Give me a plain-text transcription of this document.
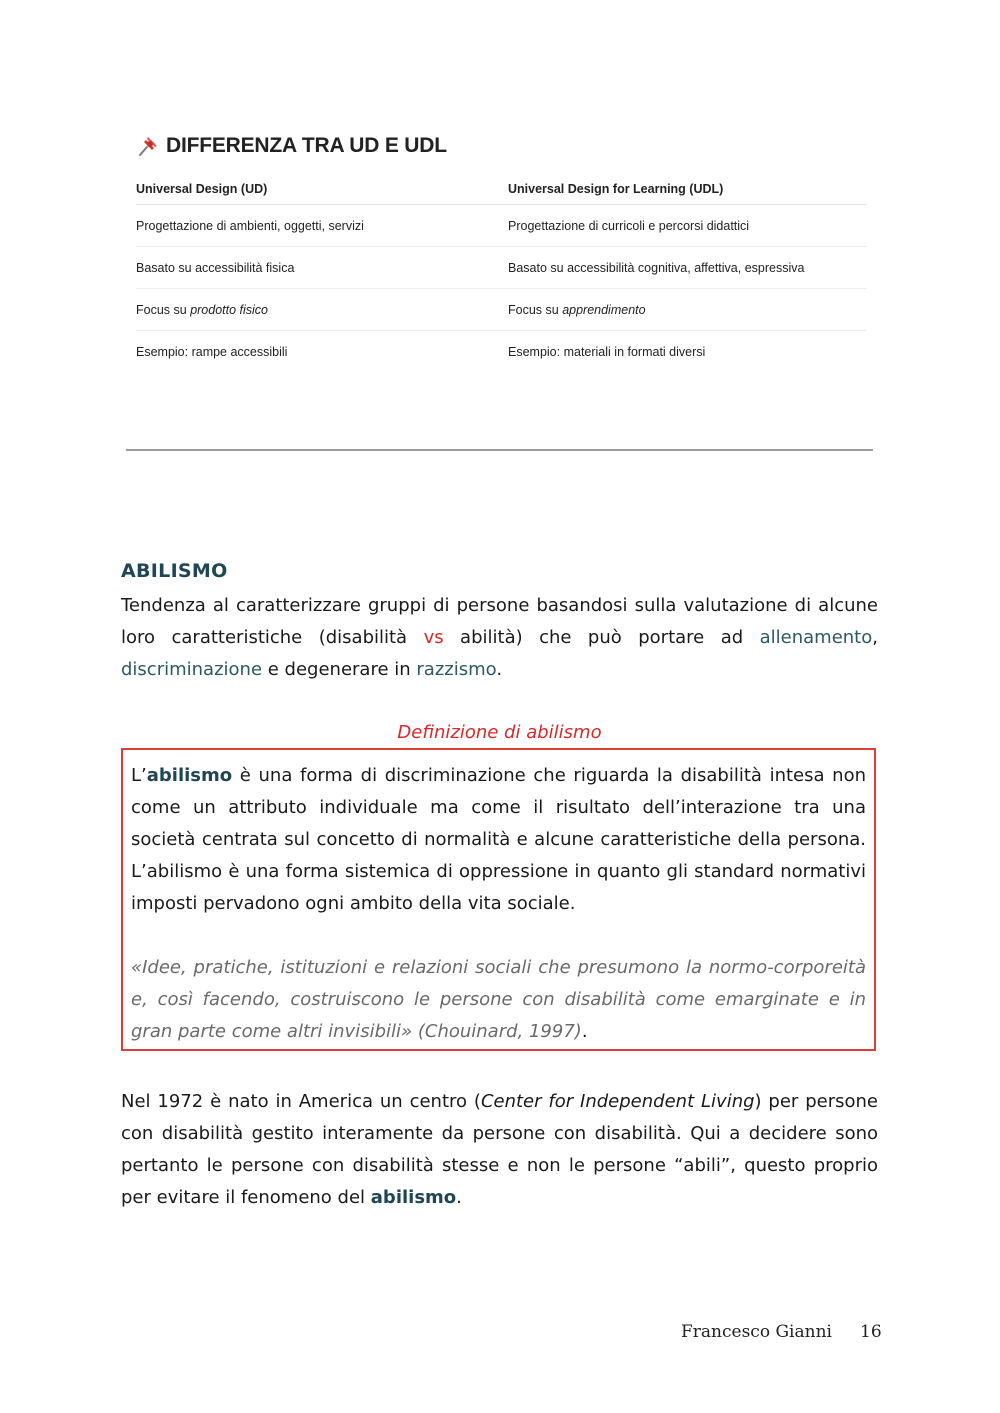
DIFFERENZA TRA UD E UDL
Universal Design (UD)	Universal Design for Learning (UDL)
Progettazione di ambienti, oggetti, servizi	Progettazione di curricoli e percorsi didattici
Basato su accessibilità fisica	Basato su accessibilità cognitiva, affettiva, espressiva
Focus su prodotto fisico	Focus su apprendimento
Esempio: rampe accessibili	Esempio: materiali in formati diversi
ABILISMO

Tendenza al caratterizzare gruppi di persone basandosi sulla valutazione di alcune loro caratteristiche (disabilità vs abilità) che può portare ad allenamento, discriminazione e degenerare in razzismo.

Definizione di abilismo

L’abilismo è una forma di discriminazione che riguarda la disabilità intesa non come un attributo individuale ma come il risultato dell’interazione tra una società centrata sul concetto di normalità e alcune caratteristiche della persona. L’abilismo è una forma sistemica di oppressione in quanto gli standard normativi imposti pervadono ogni ambito della vita sociale.

«Idee, pratiche, istituzioni e relazioni sociali che presumono la normo-corporeità e, così facendo, costruiscono le persone con disabilità come emarginate e in gran parte come altri invisibili» (Chouinard, 1997).

Nel 1972 è nato in America un centro (Center for Independent Living) per persone con disabilità gestito interamente da persone con disabilità. Qui a decidere sono pertanto le persone con disabilità stesse e non le persone “abili”, questo proprio per evitare il fenomeno del abilismo.

Francesco Gianni 16
